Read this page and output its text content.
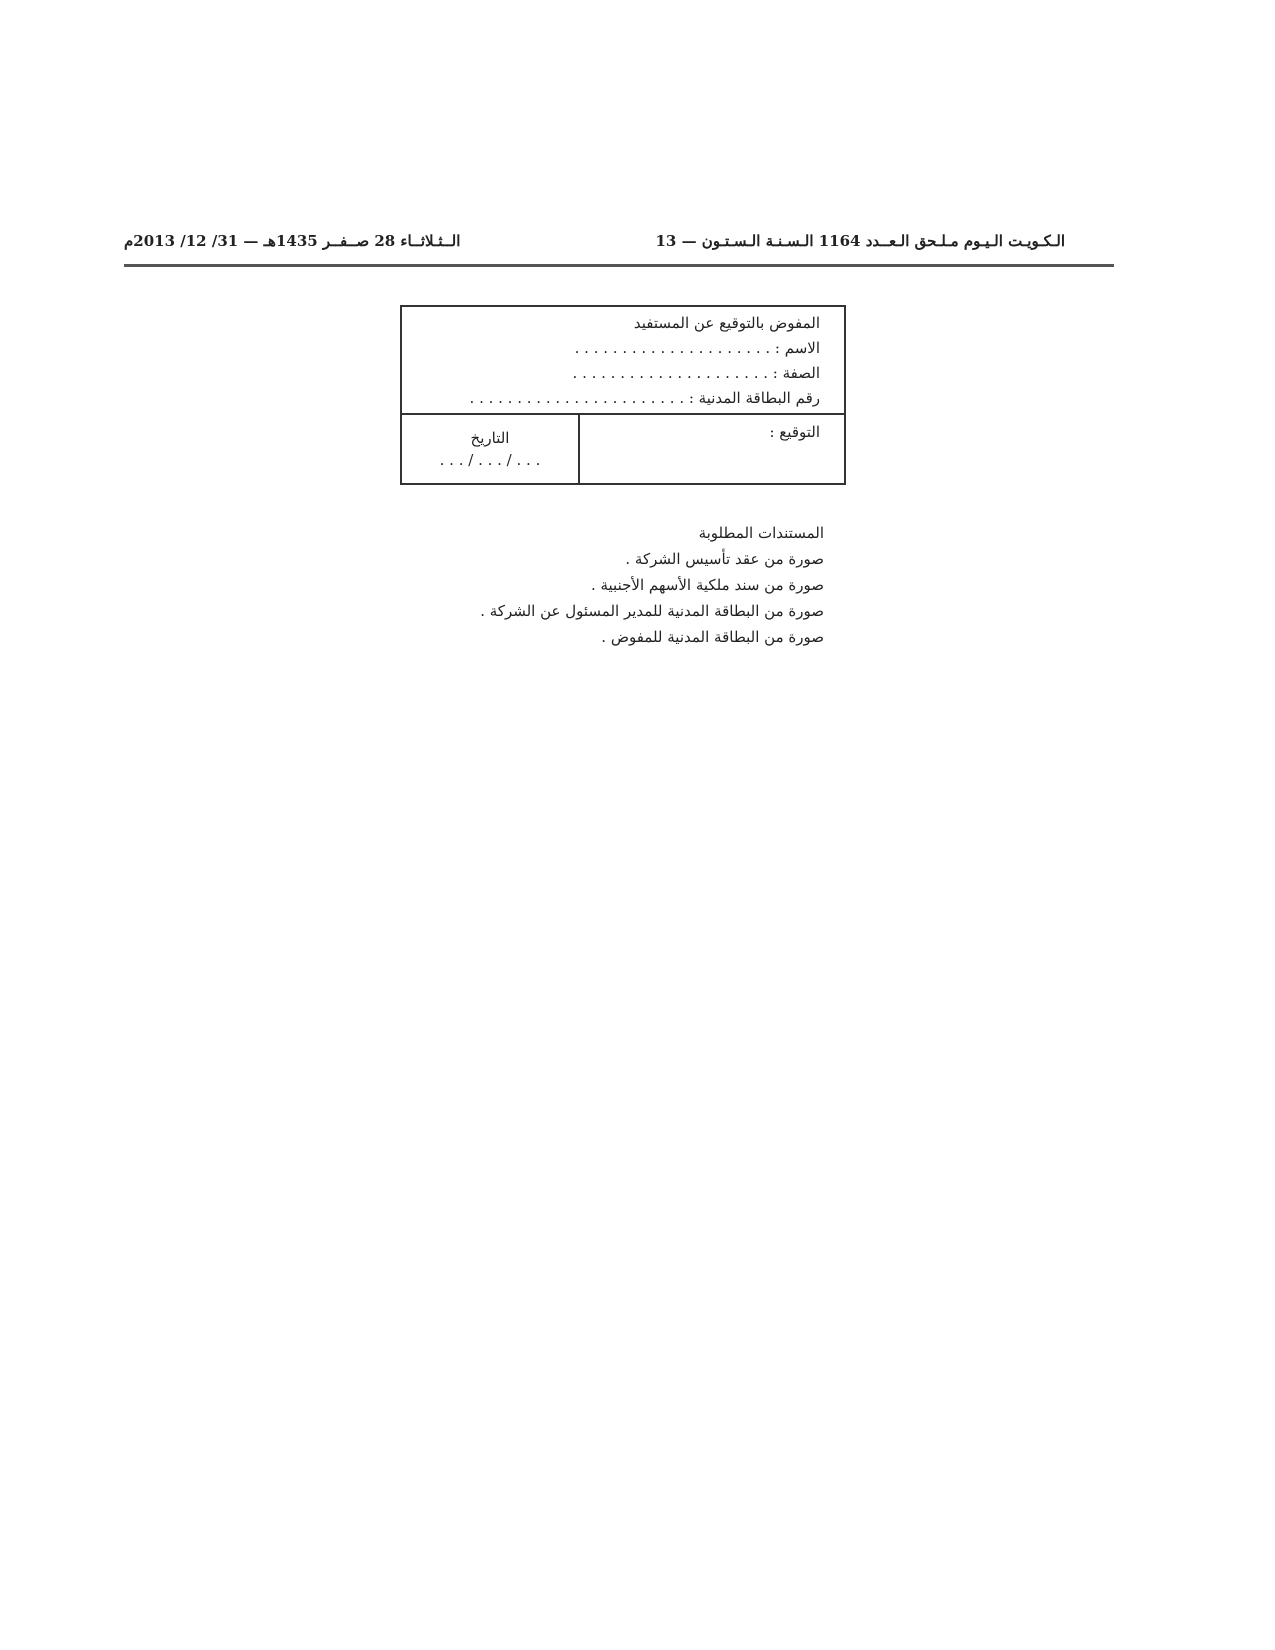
الـكـويـت الـيـوم مـلـحق الـعــدد 1164 الـسـنـة الـسـتـون — 13
الــثـلاثــاء 28 صــفــر 1435هـ — 31/ 12/ 2013م
المفوض بالتوقيع عن المستفيد
الاسم : . . . . . . . . . . . . . . . . . . . . .
الصفة : . . . . . . . . . . . . . . . . . . . . .
رقم البطاقة المدنية : . . . . . . . . . . . . . . . . . . . . . . .
التوقيع :
التاريخ
. . . / . . . / . . .
المستندات المطلوبة
صورة من عقد تأسيس الشركة .
صورة من سند ملكية الأسهم الأجنبية .
صورة من البطاقة المدنية للمدير المسئول عن الشركة .
صورة من البطاقة المدنية للمفوض .
